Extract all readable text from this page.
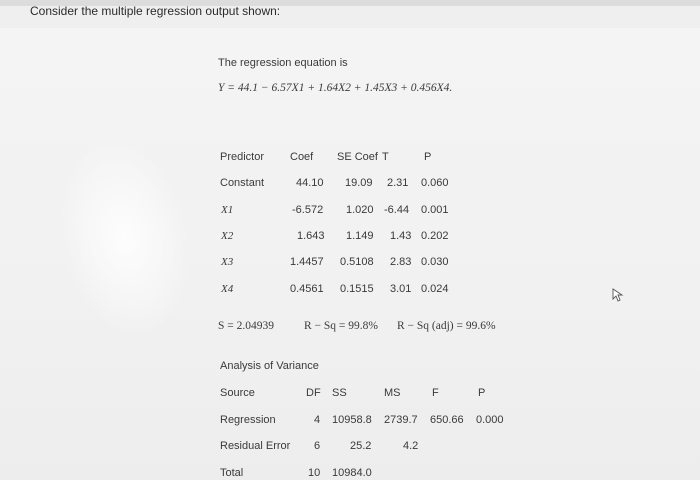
Consider the multiple regression output shown:
The regression equation is
Y = 44.1 − 6.57X1 + 1.64X2 + 1.45X3 + 0.456X4.
Predictor Coef SE Coef T	P
Constant	44.10 19.09 2.31 0.060
X1	-6.572 1.020 -6.44 0.001
X2	1.643 1.149 1.43 0.202
X3	1.4457 0.5108 2.83 0.030
X4	0.4561 0.1515 3.01 0.024
S = 2.04939	R − Sq = 99.8% R − Sq (adj) = 99.6%
Analysis of Variance
Source	DF SS	MS	F	P
Regression	4 10958.8 2739.7 650.66 0.000
Residual Error 6	25.2	4.2
Total	10 10984.0
